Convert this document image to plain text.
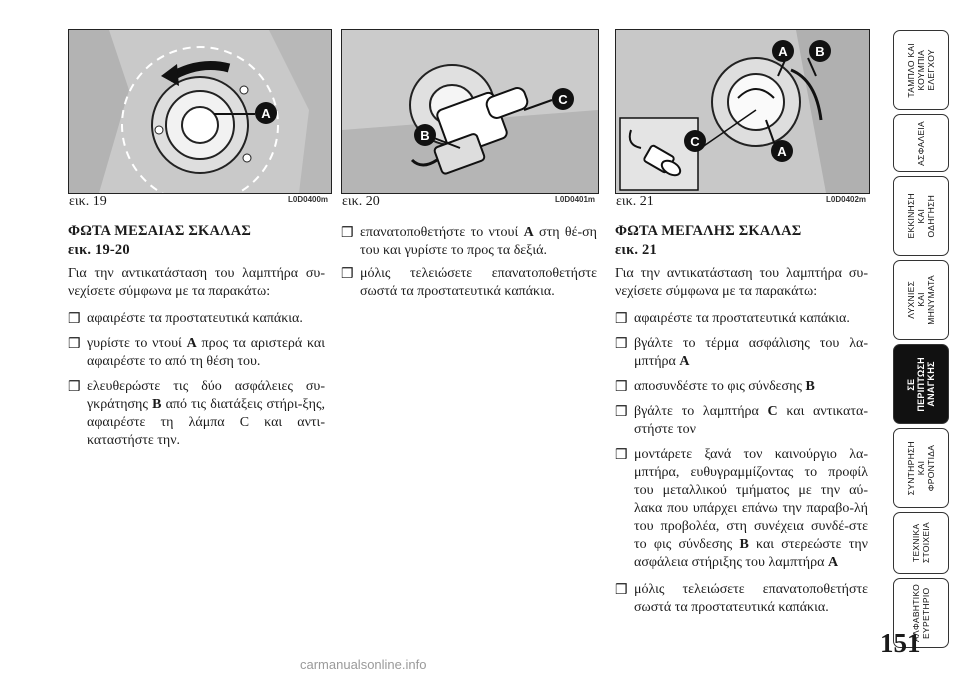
A
εικ. 19	L0D0400m
B
C
εικ. 20	L0D0401m
A B
C
A
εικ. 21	L0D0402m
ΦΩΤΑ ΜΕΣΑΙΑΣ ΣΚΑΛΑΣ
εικ. 19-20
Για την αντικατάσταση του λαμπτήρα συ-νεχίσετε σύμφωνα με τα παρακάτω:
❒ αφαιρέστε τα προστατευτικά καπάκια.
❒ γυρίστε το ντουί A προς τα αριστερά και αφαιρέστε το από τη θέση του.
❒ ελευθερώστε τις δύο ασφάλειες συ-γκράτησης B από τις διατάξεις στήρι-ξης, αφαιρέστε τη λάμπα C και αντι-καταστήστε την.
❒ επανατοποθετήστε το ντουί A στη θέ-ση του και γυρίστε το προς τα δεξιά.
❒ μόλις τελειώσετε επανατοποθετήστε σωστά τα προστατευτικά καπάκια.
ΦΩΤΑ ΜΕΓΑΛΗΣ ΣΚΑΛΑΣ
εικ. 21
Για την αντικατάσταση του λαμπτήρα συ-νεχίσετε σύμφωνα με τα παρακάτω:
❒ αφαιρέστε τα προστατευτικά καπάκια.
❒ βγάλτε το τέρμα ασφάλισης του λα-μπτήρα A
❒ αποσυνδέστε το φις σύνδεσης B
❒ βγάλτε το λαμπτήρα C και αντικατα-στήστε τον
❒ μοντάρετε ξανά τον καινούργιο λα-μπτήρα, ευθυγραμμίζοντας το προφίλ του μεταλλικού τμήματος με την αύ-λακα που υπάρχει επάνω την παραβο-λή του προβολέα, στη συνέχεια συνδέ-στε το φις σύνδεσης B και στερεώστε την ασφάλεια στήριξης του λαμπτήρα A
❒ μόλις τελειώσετε επανατοποθετήστε σωστά τα προστατευτικά καπάκια.
ΤΑΜΠΛΟ ΚΑΙ
ΚΟΥΜΠΙΑ
ΕΛΕΓΧΟΥ
ΑΣΦΑΛΕΙΑ
ΕΚΚΙΝΗΣΗ
ΚΑΙ
ΟΔΗΓΗΣΗ
ΛΥΧΝΙΕΣ
ΚΑΙ
ΜΗΝΥΜΑΤΑ
ΣΕ
ΠΕΡΙΠΤΩΣΗ
ΑΝΑΓΚΗΣ
ΣΥΝΤΗΡΗΣΗ
ΚΑΙ
ΦΡΟΝΤΙΔΑ
ΤΕΧΝΙΚΑ
ΣΤΟΙΧΕΙΑ
ΑΛΦΑΒΗΤΙΚΟ
ΕΥΡΕΤΗΡΙΟ
151
carmanualsonline.info
